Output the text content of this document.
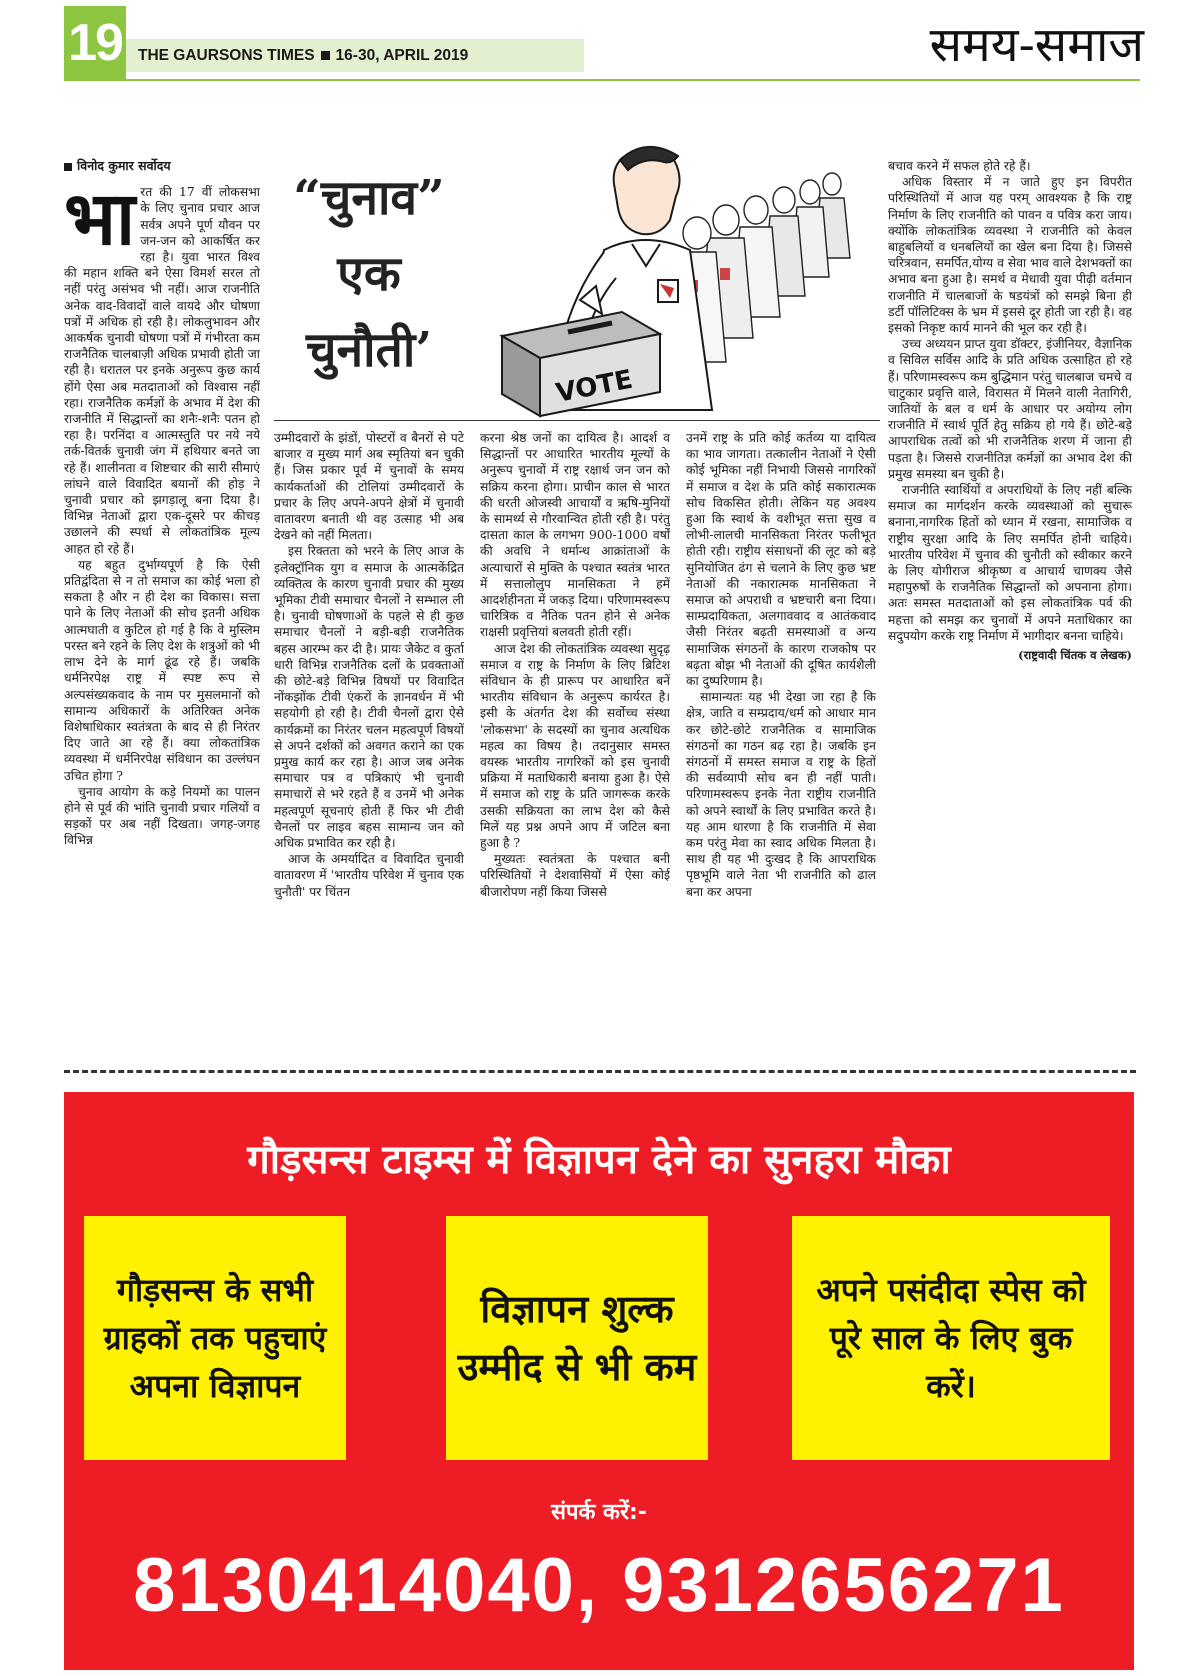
19 THE GAURSONS TIMES 16-30, APRIL 2019	समय-समाज
विनोद कुमार सर्वोदय

भारत की 17 वीं लोकसभा के लिए चुनाव प्रचार आज सर्वत्र अपने पूर्ण यौवन पर जन-जन को आकर्षित कर रहा है। युवा भारत विश्व की महान शक्ति बने ऐसा विमर्श सरल तो नहीं परंतु असंभव भी नहीं। आज राजनीति अनेक वाद-विवादों वाले वायदे और घोषणा पत्रों में अधिक हो रही है। लोकलुभावन और आकर्षक चुनावी घोषणा पत्रों में गंभीरता कम राजनैतिक चालबाज़ी अधिक प्रभावी होती जा रही है। धरातल पर इनके अनुरूप कुछ कार्य होंगे ऐसा अब मतदाताओं को विश्वास नहीं रहा। राजनैतिक कर्मज्ञों के अभाव में देश की राजनीति में सिद्धान्तों का शनैः-शनैः पतन हो रहा है। परनिंदा व आत्मस्तुति पर नये नये तर्क-वितर्क चुनावी जंग में हथियार बनते जा रहे हैं। शालीनता व शिष्टचार की सारी सीमाएं लांघने वाले विवादित बयानों की होड़ ने चुनावी प्रचार को झगड़ालू बना दिया है। विभिन्न नेताओं द्वारा एक-दूसरे पर कीचड़ उछालने की स्पर्धा से लोकतांत्रिक मूल्य आहत हो रहे हैं।

यह बहुत दुर्भाग्यपूर्ण है कि ऐसी प्रतिद्वंदिता से न तो समाज का कोई भला हो सकता है और न ही देश का विकास। सत्ता पाने के लिए नेताओं की सोच इतनी अधिक आत्मघाती व कुटिल हो गई है कि वे मुस्लिम परस्त बने रहने के लिए देश के शत्रुओं को भी लाभ देने के मार्ग ढूंढ रहे हैं। जबकि धर्मनिरपेक्ष राष्ट्र में स्पष्ट रूप से अल्पसंख्यकवाद के नाम पर मुसलमानों को सामान्य अधिकारों के अतिरिक्त अनेक विशेषाधिकार स्वतंत्रता के बाद से ही निरंतर दिए जाते आ रहे हैं। क्या लोकतांत्रिक व्यवस्था में धर्मनिरपेक्ष संविधान का उल्लंघन उचित होगा ?

चुनाव आयोग के कड़े नियमों का पालन होने से पूर्व की भांति चुनावी प्रचार गलियों व सड़कों पर अब नहीं दिखता। जगह-जगह विभिन्न

“चुनाव”
एक
चुनौती’
VOTE

उम्मीदवारों के झंडों, पोस्टरों व बैनरों से पटे बाजार व मुख्य मार्ग अब स्मृतियां बन चुकी हैं। जिस प्रकार पूर्व में चुनावों के समय कार्यकर्ताओं की टोलियां उम्मीदवारों के प्रचार के लिए अपने-अपने क्षेत्रों में चुनावी वातावरण बनाती थी वह उत्साह भी अब देखने को नहीं मिलता।

इस रिक्तता को भरने के लिए आज के इलेक्ट्रॉनिक युग व समाज के आत्मकेंद्रित व्यक्तित्व के कारण चुनावी प्रचार की मुख्य भूमिका टीवी समाचार चैनलों ने सम्भाल ली है। चुनावी घोषणाओं के पहले से ही कुछ समाचार चैनलों ने बड़ी-बड़ी राजनैतिक बहस आरम्भ कर दी है। प्रायः जैकेट व कुर्ता धारी विभिन्न राजनैतिक दलों के प्रवक्ताओं की छोटे-बड़े विभिन्न विषयों पर विवादित नोंकझोंक टीवी एंकरों के ज्ञानवर्धन में भी सहयोगी हो रही है। टीवी चैनलों द्वारा ऐसे कार्यक्रमों का निरंतर चलन महत्वपूर्ण विषयों से अपने दर्शकों को अवगत कराने का एक प्रमुख कार्य कर रहा है। आज जब अनेक समाचार पत्र व पत्रिकाएं भी चुनावी समाचारों से भरे रहते हैं व उनमें भी अनेक महत्वपूर्ण सूचनाएं होती हैं फिर भी टीवी चैनलों पर लाइव बहस सामान्य जन को अधिक प्रभावित कर रही है।

आज के अमर्यादित व विवादित चुनावी वातावरण में 'भारतीय परिवेश में चुनाव एक चुनौती' पर चिंतन

करना श्रेष्ठ जनों का दायित्व है। आदर्श व सिद्धान्तों पर आधारित भारतीय मूल्यों के अनुरूप चुनावों में राष्ट्र रक्षार्थ जन जन को सक्रिय करना होगा। प्राचीन काल से भारत की धरती ओजस्वी आचार्यों व ऋषि-मुनियों के सामर्थ्य से गौरवान्वित होती रही है। परंतु दासता काल के लगभग 900-1000 वर्षों की अवधि ने धर्मान्ध आक्रांताओं के अत्याचारों से मुक्ति के पश्चात स्वतंत्र भारत में सत्तालोलुप मानसिकता ने हमें आदर्शहीनता में जकड़ दिया। परिणामस्वरूप चारित्रिक व नैतिक पतन होने से अनेक राक्षसी प्रवृत्तियां बलवती होती रहीं।

आज देश की लोकतांत्रिक व्यवस्था सुदृढ़ समाज व राष्ट्र के निर्माण के लिए ब्रिटिश संविधान के ही प्रारूप पर आधारित बनें भारतीय संविधान के अनुरूप कार्यरत है। इसी के अंतर्गत देश की सर्वोच्च संस्था 'लोकसभा' के सदस्यों का चुनाव अत्यधिक महत्व का विषय है। तदानुसार समस्त वयस्क भारतीय नागरिकों को इस चुनावी प्रक्रिया में मताधिकारी बनाया हुआ है। ऐसे में समाज को राष्ट्र के प्रति जागरूक करके उसकी सक्रियता का लाभ देश को कैसे मिलें यह प्रश्न अपने आप में जटिल बना हुआ है ?

मुख्यतः स्वतंत्रता के पश्चात बनी परिस्थितियों ने देशवासियों में ऐसा कोई बीजारोपण नहीं किया जिससे

उनमें राष्ट्र के प्रति कोई कर्तव्य या दायित्व का भाव जागता। तत्कालीन नेताओं ने ऐसी कोई भूमिका नहीं निभायी जिससे नागरिकों में समाज व देश के प्रति कोई सकारात्मक सोच विकसित होती। लेकिन यह अवश्य हुआ कि स्वार्थ के वशीभूत सत्ता सुख व लोभी-लालची मानसिकता निरंतर फलीभूत होती रही। राष्ट्रीय संसाधनों की लूट को बड़े सुनियोजित ढंग से चलाने के लिए कुछ भ्रष्ट नेताओं की नकारात्मक मानसिकता ने समाज को अपराधी व भ्रष्टचारी बना दिया। साम्प्रदायिकता, अलगाववाद व आतंकवाद जैसी निरंतर बढ़ती समस्याओं व अन्य सामाजिक संगठनों के कारण राजकोष पर बढ़ता बोझ भी नेताओं की दूषित कार्यशैली का दुष्परिणाम है।

सामान्यतः यह भी देखा जा रहा है कि क्षेत्र, जाति व सम्प्रदाय/धर्म को आधार मान कर छोटे-छोटे राजनैतिक व सामाजिक संगठनों का गठन बढ़ रहा है। जबकि इन संगठनों में समस्त समाज व राष्ट्र के हितों की सर्वव्यापी सोच बन ही नहीं पाती। परिणामस्वरूप इनके नेता राष्ट्रीय राजनीति को अपने स्वार्थों के लिए प्रभावित करते है। यह आम धारणा है कि राजनीति में सेवा कम परंतु मेवा का स्वाद अधिक मिलता है। साथ ही यह भी दुःखद है कि आपराधिक पृष्ठभूमि वाले नेता भी राजनीति को ढाल बना कर अपना

बचाव करने में सफल होते रहे हैं।

अधिक विस्तार में न जाते हुए इन विपरीत परिस्थितियों में आज यह परम् आवश्यक है कि राष्ट्र निर्माण के लिए राजनीति को पावन व पवित्र करा जाय। क्योंकि लोकतांत्रिक व्यवस्था ने राजनीति को केवल बाहुबलियों व धनबलियों का खेल बना दिया है। जिससे चरित्रवान, समर्पित,योग्य व सेवा भाव वाले देशभक्तों का अभाव बना हुआ है। समर्थ व मेधावी युवा पीढ़ी वर्तमान राजनीति में चालबाजों के षडयंत्रों को समझे बिना ही डर्टी पॉलिटिक्स के भ्रम में इससे दूर होती जा रही है। वह इसको निकृष्ट कार्य मानने की भूल कर रही है।

उच्च अध्ययन प्राप्त युवा डॉक्टर, इंजीनियर, वैज्ञानिक व सिविल सर्विस आदि के प्रति अधिक उत्साहित हो रहे हैं। परिणामस्वरूप कम बुद्धिमान परंतु चालबाज चमचे व चाटुकार प्रवृत्ति वाले, विरासत में मिलने वाली नेतागिरी, जातियों के बल व धर्म के आधार पर अयोग्य लोग राजनीति में स्वार्थ पूर्ति हेतु सक्रिय हो गये हैं। छोटे-बड़े आपराधिक तत्वों को भी राजनैतिक शरण में जाना ही पड़ता है। जिससे राजनीतिज्ञ कर्मज्ञों का अभाव देश की प्रमुख समस्या बन चुकी है।

राजनीति स्वार्थियों व अपराधियों के लिए नहीं बल्कि समाज का मार्गदर्शन करके व्यवस्थाओं को सुचारू बनाना,नागरिक हितों को ध्यान में रखना, सामाजिक व राष्ट्रीय सुरक्षा आदि के लिए समर्पित होनी चाहिये। भारतीय परिवेश में चुनाव की चुनौती को स्वीकार करने के लिए योगीराज श्रीकृष्ण व आचार्य चाणक्य जैसे महापुरुषों के राजनैतिक सिद्धान्तों को अपनाना होगा। अतः समस्त मतदाताओं को इस लोकतांत्रिक पर्व की महत्ता को समझ कर चुनावों में अपने मताधिकार का सदुपयोग करके राष्ट्र निर्माण में भागीदार बनना चाहिये।

(राष्ट्रवादी चिंतक व लेखक)
गौड़सन्स टाइम्स में विज्ञापन देने का सुनहरा मौका
गौड़सन्स के सभी ग्राहकों तक पहुचाएं अपना विज्ञापन
विज्ञापन शुल्क उम्मीद से भी कम
अपने पसंदीदा स्पेस को पूरे साल के लिए बुक करें।
संपर्क करें:-
8130414040, 9312656271
